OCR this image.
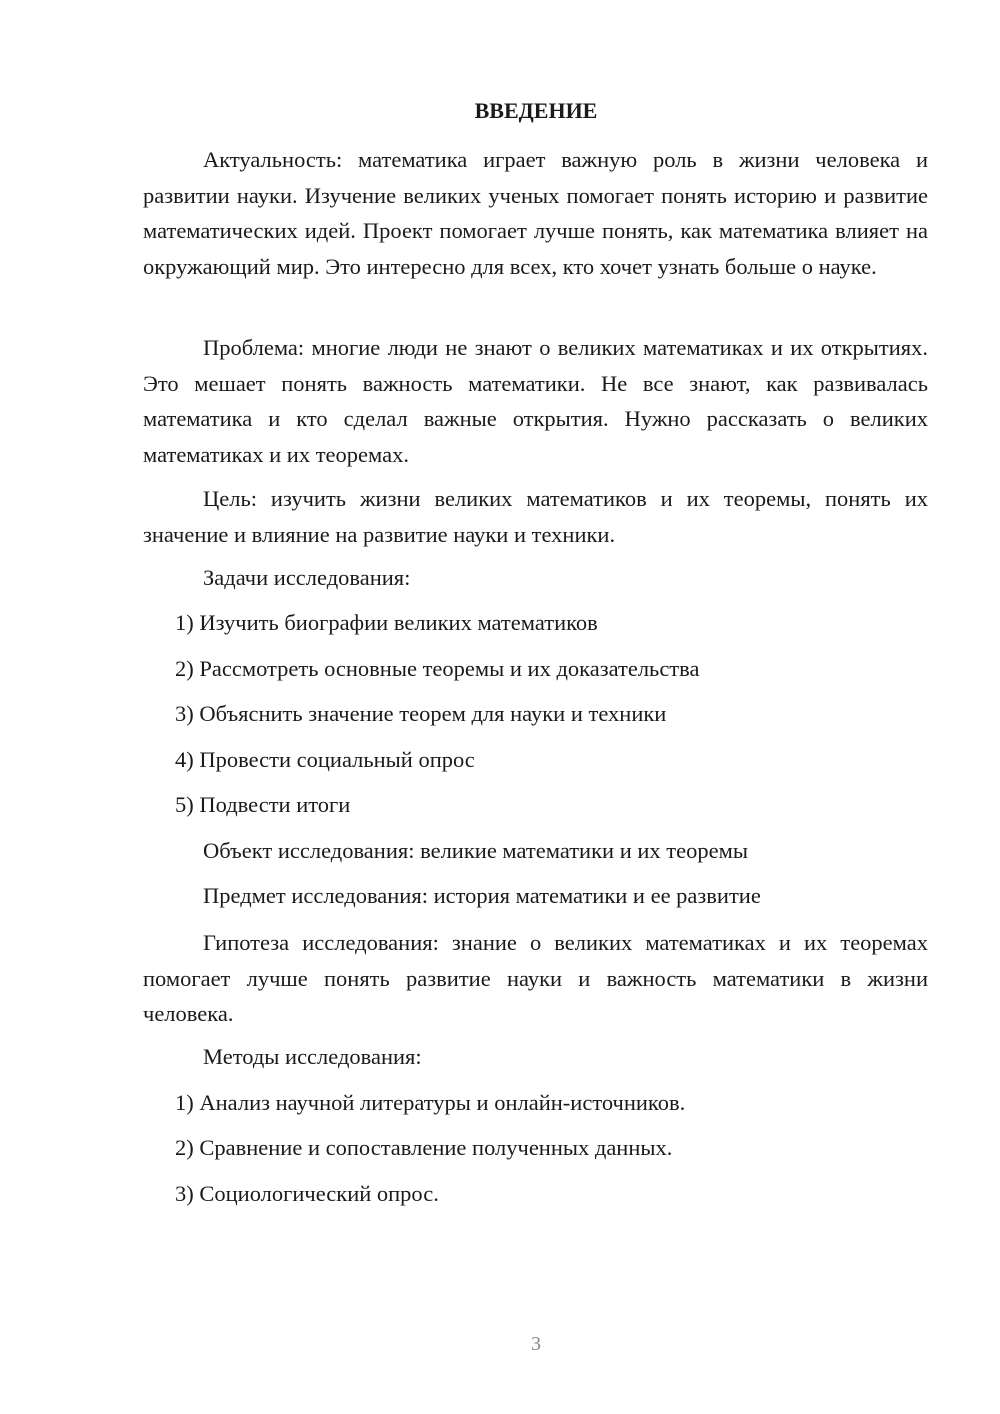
ВВЕДЕНИЕ

Актуальность: математика играет важную роль в жизни человека и развитии науки. Изучение великих ученых помогает понять историю и развитие математических идей. Проект помогает лучше понять, как математика влияет на окружающий мир. Это интересно для всех, кто хочет узнать больше о науке.

Проблема: многие люди не знают о великих математиках и их открытиях. Это мешает понять важность математики. Не все знают, как развивалась математика и кто сделал важные открытия. Нужно рассказать о великих математиках и их теоремах.

Цель: изучить жизни великих математиков и их теоремы, понять их значение и влияние на развитие науки и техники.

Задачи исследования:
1) Изучить биографии великих математиков
2) Рассмотреть основные теоремы и их доказательства
3) Объяснить значение теорем для науки и техники
4) Провести социальный опрос
5) Подвести итоги
Объект исследования: великие математики и их теоремы
Предмет исследования: история математики и ее развитие

Гипотеза исследования: знание о великих математиках и их теоремах помогает лучше понять развитие науки и важность математики в жизни человека.

Методы исследования:
1) Анализ научной литературы и онлайн-источников.
2) Сравнение и сопоставление полученных данных.
3) Социологический опрос.
3
